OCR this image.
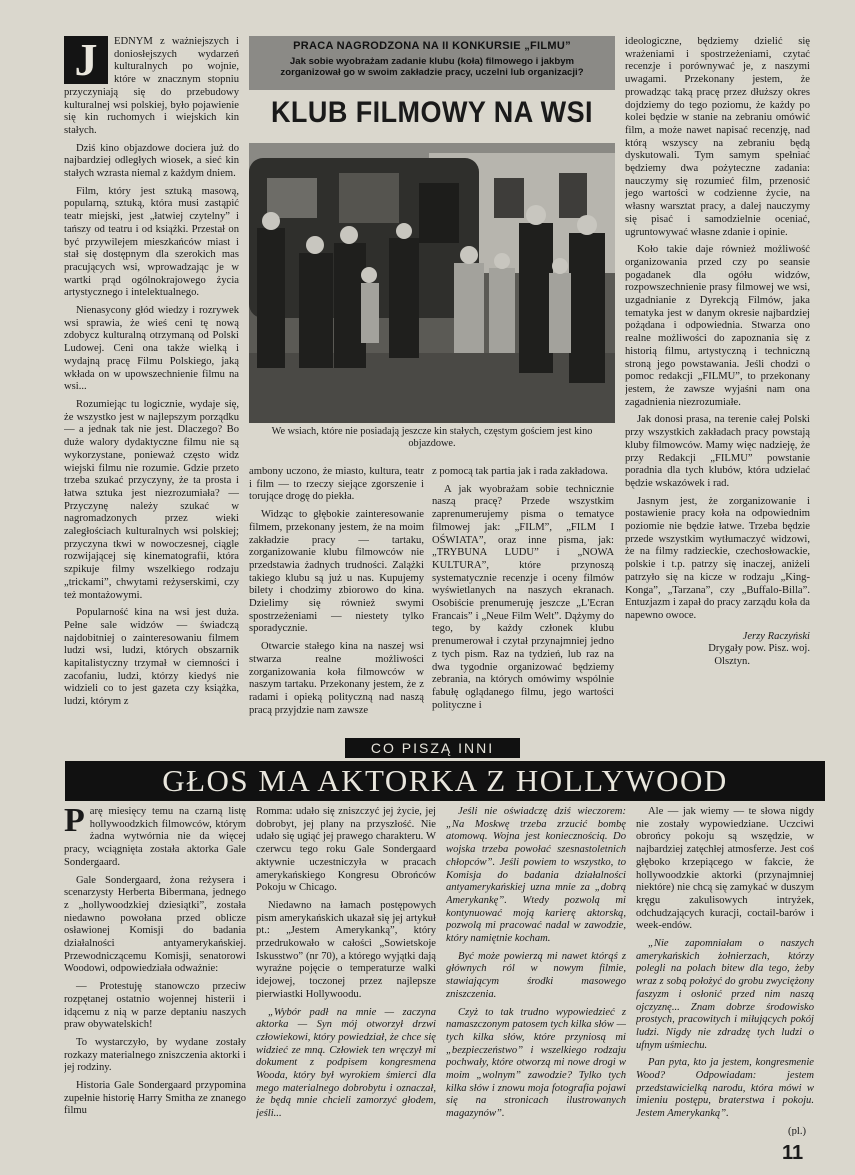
J	EDNYM z ważniejszych i doniosłejszych wydarzeń kulturalnych po wojnie, które w znacznym stopniu przyczyniają się do przebudowy kulturalnej wsi polskiej, było pojawienie się kin ruchomych i wiejskich kin stałych.

Dziś kino objazdowe dociera już do najbardziej odległych wiosek, a sieć kin stałych wzrasta niemal z każdym dniem.

Film, który jest sztuką masową, popularną, sztuką, która musi zastąpić teatr miejski, jest „łatwiej czytelny” i tańszy od teatru i od książki. Przestał on być przywilejem mieszkańców miast i stał się dostępnym dla szerokich mas pracujących wsi, wprowadzając je w wartki prąd ogólnokrajowego życia artystycznego i intelektualnego.

Nienasycony głód wiedzy i rozrywek wsi sprawia, że wieś ceni tę nową zdobycz kulturalną otrzymaną od Polski Ludowej. Ceni ona także wielką i wydajną pracę Filmu Polskiego, jaką wkłada on w upowszechnienie filmu na wsi...

Rozumiejąc tu logicznie, wydaje się, że wszystko jest w najlepszym porządku — a jednak tak nie jest. Dlaczego? Bo duże walory dydaktyczne filmu nie są wykorzystane, ponieważ często widz wiejski filmu nie rozumie. Gdzie przeto trzeba szukać przyczyny, że ta prosta i łatwa sztuka jest niezrozumiała? — Przyczynę należy szukać w nagromadzonych przez wieki zaległościach kulturalnych wsi polskiej; przyczyna tkwi w nowoczesnej, ciągle rozwijającej się kinematografii, która szpikuje filmy wszelkiego rodzaju „trickami”, chwytami reżyserskimi, czy też montażowymi.

Popularność kina na wsi jest duża. Pełne sale widzów — świadczą najdobitniej o zainteresowaniu filmem ludzi wsi, ludzi, których obszarnik kapitalistyczny trzymał w ciemności i zacofaniu, ludzi, którzy kiedyś nie widzieli co to jest gazeta czy książka, ludzi, którym z

PRACA NAGRODZONA NA II KONKURSIE „FILMU”
Jak sobie wyobrażam zadanie klubu (koła) filmowego i jakbym zorganizował go w swoim zakładzie pracy, uczelni lub organizacji?
KLUB FILMOWY NA WSI
We wsiach, które nie posiadają jeszcze kin stałych, częstym gościem jest kino objazdowe.

ambony uczono, że miasto, kultura, teatr i film — to rzeczy siejące zgorszenie i torujące drogę do piekła.

Widząc to głębokie zainteresowanie filmem, przekonany jestem, że na moim zakładzie pracy — tartaku, zorganizowanie klubu filmowców nie przedstawia żadnych trudności. Zalążki takiego klubu są już u nas. Kupujemy bilety i chodzimy zbiorowo do kina. Dzielimy się również swymi spostrzeżeniami — niestety tylko sporadycznie.

Otwarcie stałego kina na naszej wsi stwarza realne możliwości zorganizowania koła filmowców w naszym tartaku. Przekonany jestem, że z radami i opieką polityczną nad naszą pracą przyjdzie nam zawsze

z pomocą tak partia jak i rada zakładowa.

A jak wyobrażam sobie technicznie naszą pracę? Przede wszystkim zaprenumerujemy pisma o tematyce filmowej jak: „FILM”, „FILM I OŚWIATA”, oraz inne pisma, jak: „TRYBUNA LUDU” i „NOWA KULTURA”, które przynoszą systematycznie recenzje i oceny filmów wyświetlanych na naszych ekranach. Osobiście prenumeruję jeszcze „L'Ecran Francais” i „Neue Film Welt”. Dążymy do tego, by każdy członek klubu prenumerował i czytał przynajmniej jedno z tych pism. Raz na tydzień, lub raz na dwa tygodnie organizować będziemy zebrania, na których omówimy wspólnie fabułę oglądanego filmu, jego wartości polityczne i

ideologiczne, będziemy dzielić się wrażeniami i spostrzeżeniami, czytać recenzje i porównywać je, z naszymi uwagami. Przekonany jestem, że prowadząc taką pracę przez dłuższy okres dojdziemy do tego poziomu, że każdy po kolei będzie w stanie na zebraniu omówić film, a może nawet napisać recenzję, nad którą wszyscy na zebraniu będą dyskutowali. Tym samym spełniać będziemy dwa pożyteczne zadania: nauczymy się rozumieć film, przenosić jego wartości w codzienne życie, na własny warsztat pracy, a dalej nauczymy się pisać i samodzielnie oceniać, ugruntowywać własne zdanie i opinie.

Koło takie daje również możliwość organizowania przed czy po seansie pogadanek dla ogółu widzów, rozpowszechnienie prasy filmowej we wsi, uzgadnianie z Dyrekcją Filmów, jaka tematyka jest w danym okresie najbardziej pożądana i odpowiednia. Stwarza ono realne możliwości do zapoznania się z historią filmu, artystyczną i techniczną stroną jego powstawania. Jeśli chodzi o pomoc redakcji „FILMU”, to przekonany jestem, że zawsze wyjaśni nam ona zagadnienia niezrozumiałe.

Jak donosi prasa, na terenie całej Polski przy wszystkich zakładach pracy powstają kluby filmowców. Mamy więc nadzieję, że przy Redakcji „FILMU” powstanie poradnia dla tych klubów, która udzielać będzie wskazówek i rad.

Jasnym jest, że zorganizowanie i postawienie pracy koła na odpowiednim poziomie nie będzie łatwe. Trzeba będzie przede wszystkim wytłumaczyć widzowi, że na filmy radzieckie, czechosłowackie, polskie i t.p. patrzy się inaczej, aniżeli patrzyło się na kicze w rodzaju „King-Konga”, „Tarzana”, czy „Buffalo-Billa”. Entuzjazm i zapał do pracy zarządu koła da napewno owoce.

Jerzy Raczyński
Drygały pow. Pisz. woj.
Olsztyn.
CO PISZĄ INNI
GŁOS MA AKTORKA Z HOLLYWOOD

Parę miesięcy temu na czarną listę hollywoodzkich filmowców, którym żadna wytwórnia nie da więcej pracy, wciągnięta została aktorka Gale Sondergaard.

Gale Sondergaard, żona reżysera i scenarzysty Herberta Bibermana, jednego z „hollywoodzkiej dziesiątki”, została niedawno powołana przed oblicze osławionej Komisji do badania działalności antyamerykańskiej. Przewodniczącemu Komisji, senatorowi Woodowi, odpowiedziała odważnie:

— Protestuję stanowczo przeciw rozpętanej ostatnio wojennej histerii i idącemu z nią w parze deptaniu naszych praw obywatelskich!

To wystarczyło, by wydane zostały rozkazy materialnego zniszczenia aktorki i jej rodziny.

Historia Gale Sondergaard przypomina zupełnie historię Harry Smitha ze znanego filmu

Romma: udało się zniszczyć jej życie, jej dobrobyt, jej plany na przyszłość. Nie udało się ugiąć jej prawego charakteru. W czerwcu tego roku Gale Sondergaard aktywnie uczestniczyła w pracach amerykańskiego Kongresu Obrońców Pokoju w Chicago.

Niedawno na łamach postępowych pism amerykańskich ukazał się jej artykuł pt.: „Jestem Amerykanką”, który przedrukowało w całości „Sowietskoje Iskusstwo” (nr 70), a którego wyjątki dają wyraźne pojęcie o temperaturze walki idejowej, toczonej przez najlepsze pierwiastki Hollywoodu.

„Wybór padł na mnie — zaczyna aktorka — Syn mój otworzył drzwi człowiekowi, który powiedział, że chce się widzieć ze mną. Człowiek ten wręczył mi dokument z podpisem kongresmena Wooda, który był wyrokiem śmierci dla mego materialnego dobrobytu i oznaczał, że będą mnie chcieli zamorzyć głodem, jeśli...

Jeśli nie oświadczę dziś wieczorem: „Na Moskwę trzeba zrzucić bombę atomową. Wojna jest koniecznością. Do wojska trzeba powołać szesnastoletnich chłopców”. Jeśli powiem to wszystko, to Komisja do badania działalności antyamerykańskiej uzna mnie za „dobrą Amerykankę”. Wtedy pozwolą mi kontynuować moją karierę aktorską, pozwolą mi pracować nadal w zawodzie, który namiętnie kocham.

Być może powierzą mi nawet którąś z głównych ról w nowym filmie, stawiającym środki masowego zniszczenia.

Czyż to tak trudno wypowiedzieć z namaszczonym patosem tych kilka słów — tych kilka słów, które przyniosą mi „bezpieczeństwo” i wszelkiego rodzaju pochwały, które otworzą mi nowe drogi w moim „wolnym” zawodzie? Tylko tych kilka słów i znowu moja fotografia pojawi się na stronicach ilustrowanych magazynów”.

Ale — jak wiemy — te słowa nigdy nie zostały wypowiedziane. Uczciwi obrońcy pokoju są wszędzie, w najbardziej zatęchłej atmosferze. Jest coś głęboko krzepiącego w fakcie, że hollywoodzkie aktorki (przynajmniej niektóre) nie chcą się zamykać w duszym kręgu zakulisowych intryżek, odchudzających kuracji, coctail-barów i week-endów.

„Nie zapomniałam o naszych amerykańskich żołnierzach, którzy polegli na polach bitew dla tego, żeby wraz z sobą położyć do grobu zwyciężony faszyzm i osłonić przed nim naszą ojczyznę... Znam dobrze środowisko prostych, pracowitych i miłujących pokój ludzi. Nigdy nie zdradzę tych ludzi o ufnym uśmiechu.

Pan pyta, kto ja jestem, kongresmenie Wood? Odpowiadam: jestem przedstawicielką narodu, która mówi w imieniu postępu, braterstwa i pokoju. Jestem Amerykanką”.

(pl.)
11
